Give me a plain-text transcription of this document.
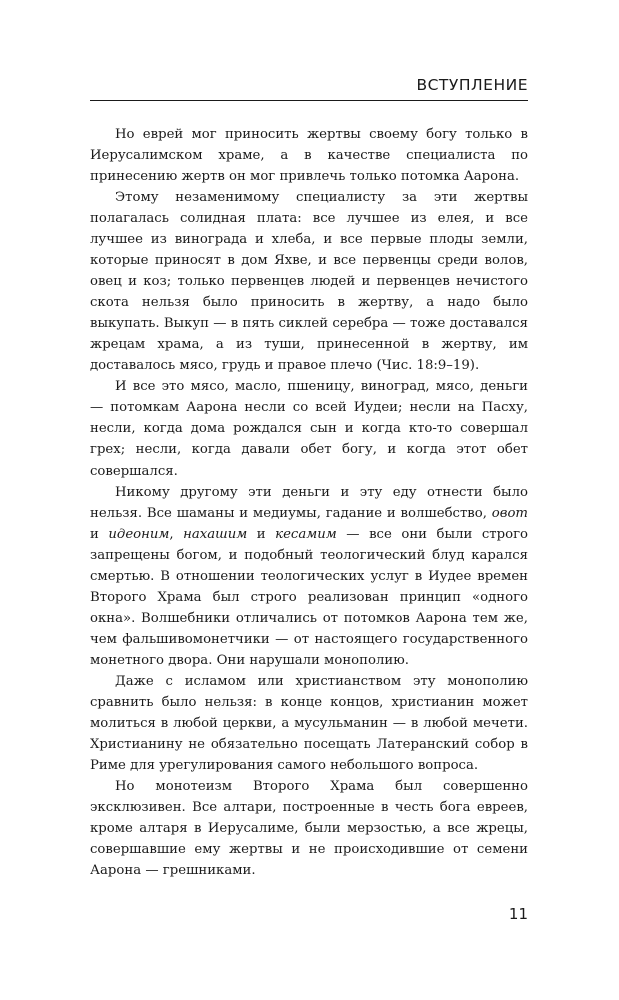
ВСТУПЛЕНИЕ

Но еврей мог приносить жертвы своему богу только в Иерусалимском храме, а в качестве специалиста по принесению жертв он мог привлечь только потомка Аарона.

Этому незаменимому специалисту за эти жертвы полагалась солидная плата: все лучшее из елея, и все лучшее из винограда и хлеба, и все первые плоды земли, которые приносят в дом Яхве, и все первенцы среди волов, овец и коз; только первенцев людей и первенцев нечистого скота нельзя было приносить в жертву, а надо было выкупать. Выкуп — в пять сиклей серебра — тоже доставался жрецам храма, а из туши, принесенной в жертву, им доставалось мясо, грудь и правое плечо (Чис. 18:9–19).

И все это мясо, масло, пшеницу, виноград, мясо, деньги — потомкам Аарона несли со всей Иудеи; несли на Пасху, несли, когда дома рождался сын и когда кто-то совершал грех; несли, когда давали обет богу, и когда этот обет совершался.

Никому другому эти деньги и эту еду отнести было нельзя. Все шаманы и медиумы, гадание и волшебство, овот и идеоним, нахашим и кесамим — все они были строго запрещены богом, и подобный теологический блуд карался смертью. В отношении теологических услуг в Иудее времен Второго Храма был строго реализован принцип «одного окна». Волшебники отличались от потомков Аарона тем же, чем фальшивомонетчики — от настоящего государственного монетного двора. Они нарушали монополию.

Даже с исламом или христианством эту монополию сравнить было нельзя: в конце концов, христианин может молиться в любой церкви, а мусульманин — в любой мечети. Христианину не обязательно посещать Латеранский собор в Риме для урегулирования самого небольшого вопроса.

Но монотеизм Второго Храма был совершенно эксклюзивен. Все алтари, построенные в честь бога евреев, кроме алтаря в Иерусалиме, были мерзостью, а все жрецы, совершавшие ему жертвы и не происходившие от семени Аарона — грешниками.

11
